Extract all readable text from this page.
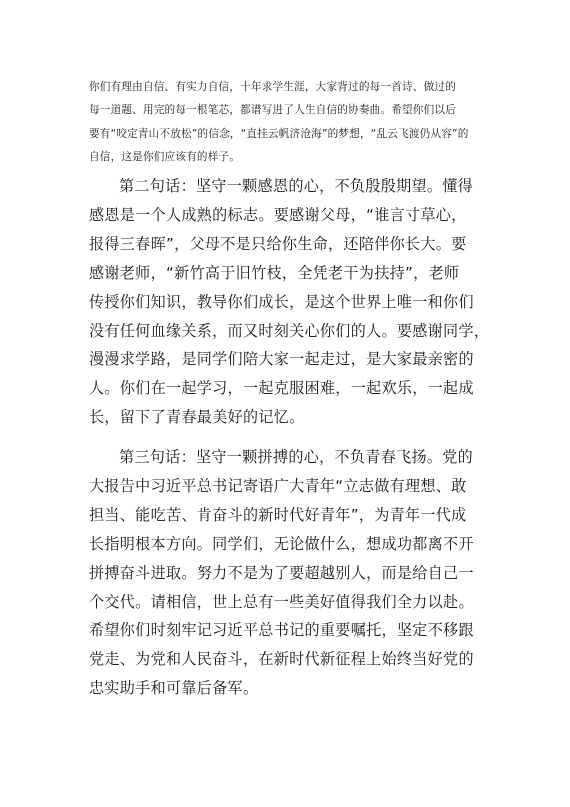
你们有理由自信、有实力自信，十年求学生涯，大家背过的每一首诗、做过的
每一道题、用完的每一根笔芯，都谱写进了人生自信的协奏曲。希望你们以后
要有“咬定青山不放松”的信念，“直挂云帆济沧海”的梦想，“乱云飞渡仍从容”的
自信，这是你们应该有的样子。
第二句话：坚守一颗感恩的心，不负殷殷期望。懂得
感恩是一个人成熟的标志。要感谢父母，“谁言寸草心，
报得三春晖”，父母不是只给你生命，还陪伴你长大。要
感谢老师，“新竹高于旧竹枝，全凭老干为扶持”，老师
传授你们知识，教导你们成长，是这个世界上唯一和你们
没有任何血缘关系，而又时刻关心你们的人。要感谢同学，
漫漫求学路，是同学们陪大家一起走过，是大家最亲密的
人。你们在一起学习，一起克服困难，一起欢乐，一起成
长，留下了青春最美好的记忆。
第三句话：坚守一颗拼搏的心，不负青春飞扬。党的
大报告中习近平总书记寄语广大青年“立志做有理想、敢
担当、能吃苦、肯奋斗的新时代好青年”，为青年一代成
长指明根本方向。同学们，无论做什么，想成功都离不开
拼搏奋斗进取。努力不是为了要超越别人，而是给自己一
个交代。请相信，世上总有一些美好值得我们全力以赴。
希望你们时刻牢记习近平总书记的重要嘱托，坚定不移跟
党走、为党和人民奋斗，在新时代新征程上始终当好党的
忠实助手和可靠后备军。
